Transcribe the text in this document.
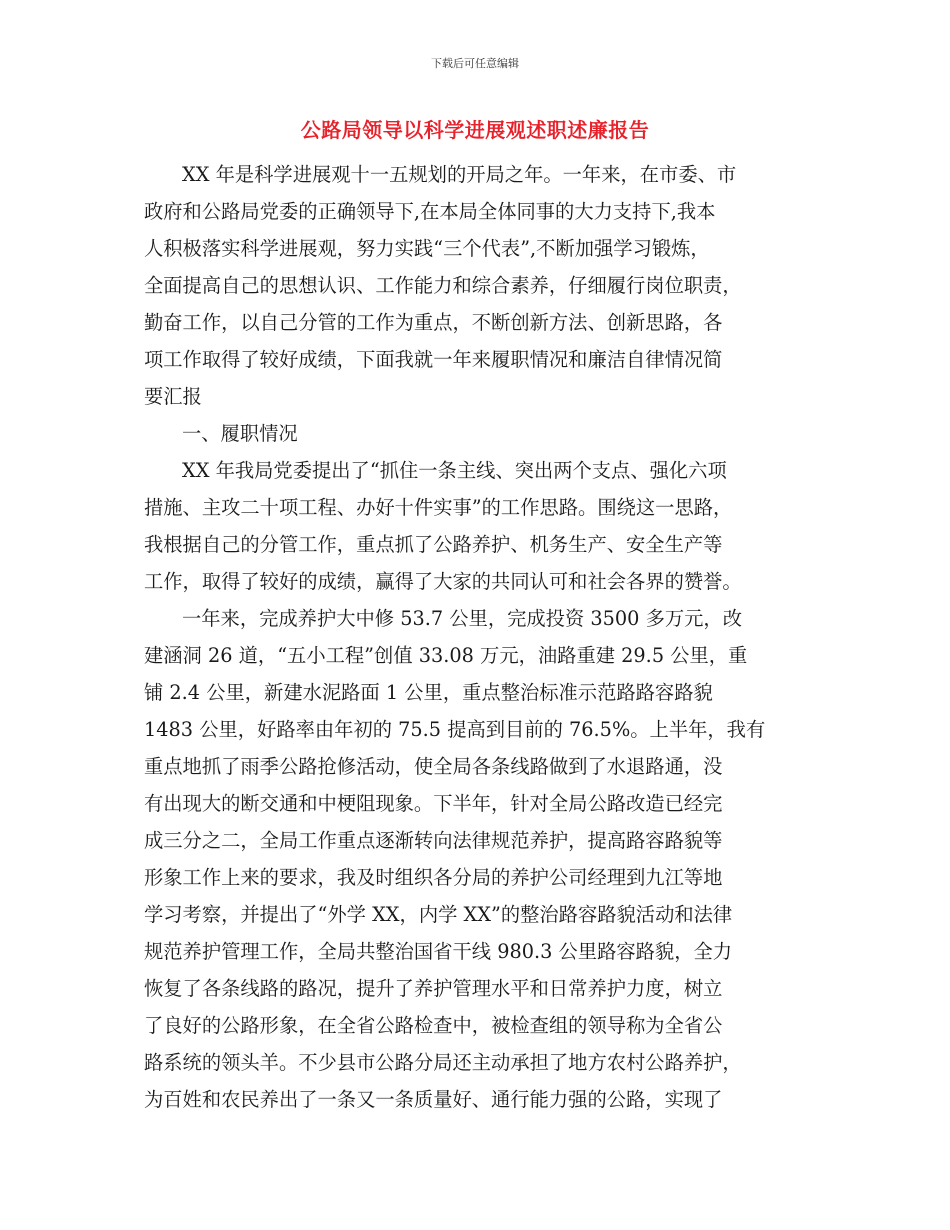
下载后可任意编辑
公路局领导以科学进展观述职述廉报告
XX 年是科学进展观十一五规划的开局之年。一年来，在市委、市
政府和公路局党委的正确领导下,在本局全体同事的大力支持下,我本
人积极落实科学进展观，努力实践“三个代表”,不断加强学习锻炼，
全面提高自己的思想认识、工作能力和综合素养，仔细履行岗位职责，
勤奋工作，以自己分管的工作为重点，不断创新方法、创新思路，各
项工作取得了较好成绩，下面我就一年来履职情况和廉洁自律情况简
要汇报
一、履职情况
XX 年我局党委提出了“抓住一条主线、突出两个支点、强化六项
措施、主攻二十项工程、办好十件实事”的工作思路。围绕这一思路，
我根据自己的分管工作，重点抓了公路养护、机务生产、安全生产等
工作，取得了较好的成绩，赢得了大家的共同认可和社会各界的赞誉。
一年来，完成养护大中修 53.7 公里，完成投资 3500 多万元，改
建涵洞 26 道，“五小工程”创值 33.08 万元，油路重建 29.5 公里，重
铺 2.4 公里，新建水泥路面 1 公里，重点整治标准示范路路容路貌
1483 公里，好路率由年初的 75.5 提高到目前的 76.5%。上半年，我有
重点地抓了雨季公路抢修活动，使全局各条线路做到了水退路通，没
有出现大的断交通和中梗阻现象。下半年，针对全局公路改造已经完
成三分之二，全局工作重点逐渐转向法律规范养护，提高路容路貌等
形象工作上来的要求，我及时组织各分局的养护公司经理到九江等地
学习考察，并提出了“外学 XX，内学 XX”的整治路容路貌活动和法律
规范养护管理工作，全局共整治国省干线 980.3 公里路容路貌，全力
恢复了各条线路的路况，提升了养护管理水平和日常养护力度，树立
了良好的公路形象，在全省公路检查中，被检查组的领导称为全省公
路系统的领头羊。不少县市公路分局还主动承担了地方农村公路养护，
为百姓和农民养出了一条又一条质量好、通行能力强的公路，实现了
